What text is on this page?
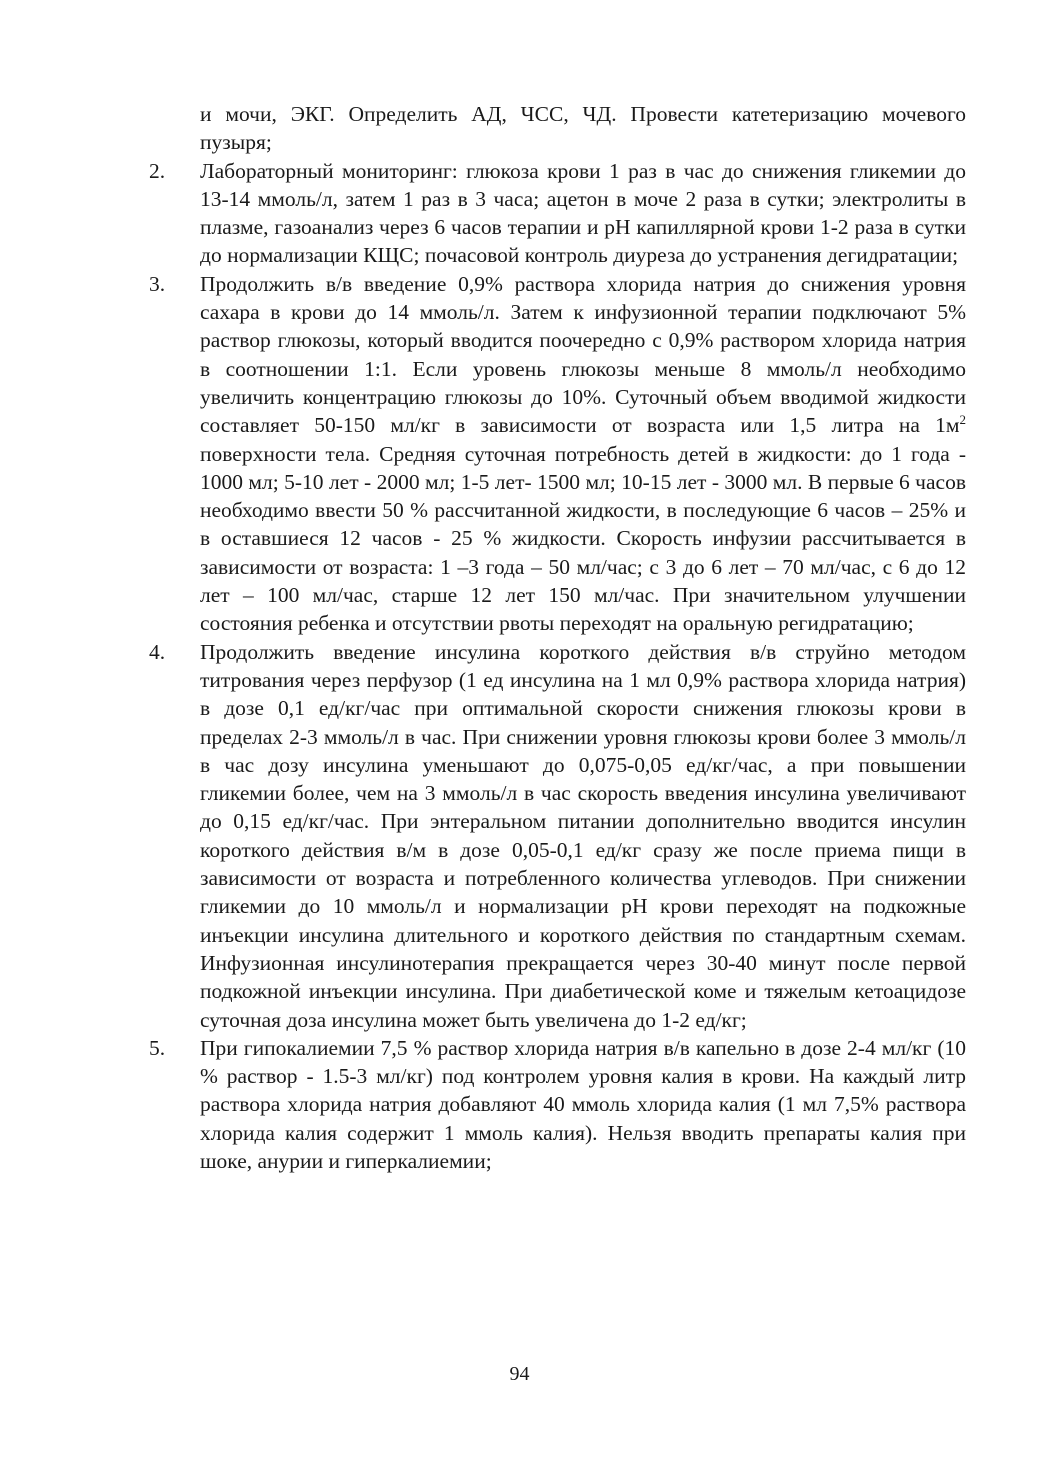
и мочи, ЭКГ. Определить АД, ЧСС, ЧД. Провести катетеризацию мочевого пузыря;

2.	Лабораторный мониторинг: глюкоза крови 1 раз в час до снижения гликемии до 13-14 ммоль/л, затем 1 раз в 3 часа; ацетон в моче 2 раза в сутки; электролиты в плазме, газоанализ через 6 часов терапии и pH капиллярной крови 1-2 раза в сутки до нормализации КЩС; почасовой контроль диуреза до устранения дегидратации;
3.	Продолжить в/в введение 0,9% раствора хлорида натрия до снижения уровня сахара в крови до 14 ммоль/л. Затем к инфузионной терапии подключают 5% раствор глюкозы, который вводится поочередно с 0,9% раствором хлорида натрия в соотношении 1:1. Если уровень глюкозы меньше 8 ммоль/л необходимо увеличить концентрацию глюкозы до 10%. Суточный объем вводимой жидкости составляет 50-150 мл/кг в зависимости от возраста или 1,5 литра на $1м^2$ поверхности тела. Средняя суточная потребность детей в жидкости: до 1 года - 1000 мл; 5-10 лет - 2000 мл; 1-5 лет- 1500 мл; 10-15 лет - 3000 мл. В первые 6 часов необходимо ввести 50 % рассчитанной жидкости, в последующие 6 часов – 25% и в оставшиеся 12 часов - 25 % жидкости. Скорость инфузии рассчитывается в зависимости от возраста: 1 –3 года – 50 мл/час; с 3 до 6 лет – 70 мл/час, с 6 до 12 лет – 100 мл/час, старше 12 лет 150 мл/час. При значительном улучшении состояния ребенка и отсутствии рвоты переходят на оральную регидратацию;
4.	Продолжить введение инсулина короткого действия в/в струйно методом титрования через перфузор (1 ед инсулина на 1 мл 0,9% раствора хлорида натрия) в дозе 0,1 ед/кг/час при оптимальной скорости снижения глюкозы крови в пределах 2-3 ммоль/л в час. При снижении уровня глюкозы крови более 3 ммоль/л в час дозу инсулина уменьшают до 0,075-0,05 ед/кг/час, а при повышении гликемии более, чем на 3 ммоль/л в час скорость введения инсулина увеличивают до 0,15 ед/кг/час. При энтеральном питании дополнительно вводится инсулин короткого действия в/м в дозе 0,05-0,1 ед/кг сразу же после приема пищи в зависимости от возраста и потребленного количества углеводов. При снижении гликемии до 10 ммоль/л и нормализации pH крови переходят на подкожные инъекции инсулина длительного и короткого действия по стандартным схемам. Инфузионная инсулинотерапия прекращается через 30-40 минут после первой подкожной инъекции инсулина. При диабетической коме и тяжелым кетоацидозе суточная доза инсулина может быть увеличена до 1-2 ед/кг;
5.	При гипокалиемии 7,5 % раствор хлорида натрия в/в капельно в дозе 2-4 мл/кг (10 % раствор - 1.5-3 мл/кг) под контролем уровня калия в крови. На каждый литр раствора хлорида натрия добавляют 40 ммоль хлорида калия (1 мл 7,5% раствора хлорида калия содержит 1 ммоль калия). Нельзя вводить препараты калия при шоке, анурии и гиперкалиемии;
94
